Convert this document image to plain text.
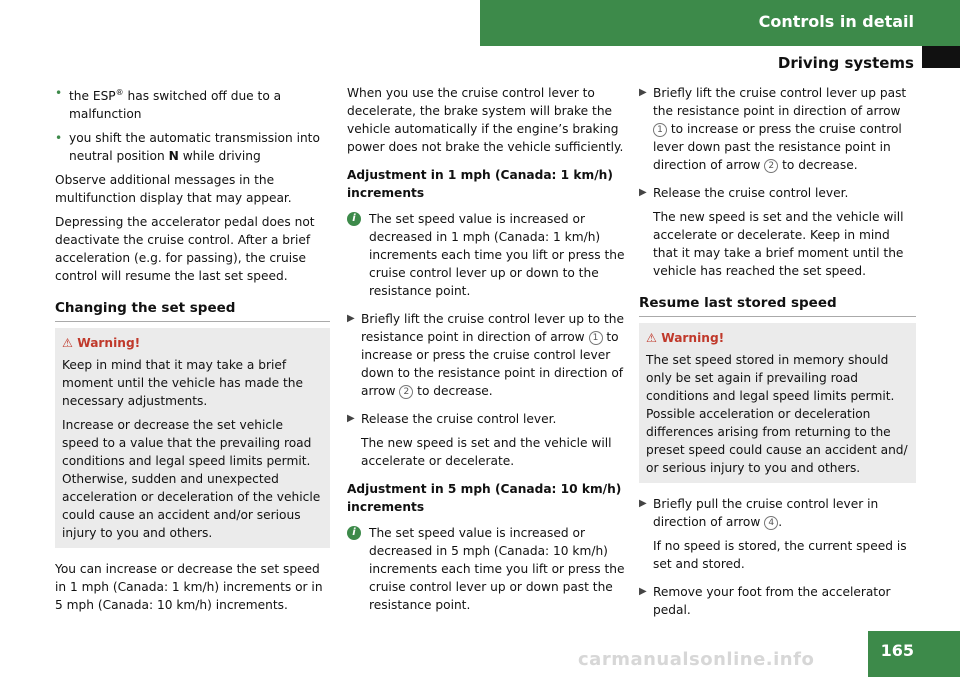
Controls in detail
Driving systems
• the ESP® has switched off due to a malfunction
• you shift the automatic transmission into neutral position N while driving

Observe additional messages in the multifunction display that may appear.

Depressing the accelerator pedal does not deactivate the cruise control. After a brief acceleration (e.g. for passing), the cruise control will resume the last set speed.

Changing the set speed
⚠ Warning!

Keep in mind that it may take a brief moment until the vehicle has made the necessary adjustments.

Increase or decrease the set vehicle speed to a value that the prevailing road conditions and legal speed limits permit. Otherwise, sudden and unexpected acceleration or deceleration of the vehicle could cause an accident and/or serious injury to you and others.

You can increase or decrease the set speed in 1 mph (Canada: 1 km/h) increments or in 5 mph (Canada: 10 km/h) increments.

When you use the cruise control lever to decelerate, the brake system will brake the vehicle automatically if the engine’s braking power does not brake the vehicle sufficiently.

Adjustment in 1 mph (Canada: 1 km/h) increments
i	The set speed value is increased or decreased in 1 mph (Canada: 1 km/h) increments each time you lift or press the cruise control lever up or down to the resistance point.
▶ Briefly lift the cruise control lever up to the resistance point in direction of arrow 1 to increase or press the cruise control lever down to the resistance point in direction of arrow 2 to decrease.
▶ Release the cruise control lever.
The new speed is set and the vehicle will accelerate or decelerate.
Adjustment in 5 mph (Canada: 10 km/h) increments
i	The set speed value is increased or decreased in 5 mph (Canada: 10 km/h) increments each time you lift or press the cruise control lever up or down past the resistance point.
▶ Briefly lift the cruise control lever up past the resistance point in direction of arrow 1 to increase or press the cruise control lever down past the resistance point in direction of arrow 2 to decrease.
▶ Release the cruise control lever.
The new speed is set and the vehicle will accelerate or decelerate. Keep in mind that it may take a brief moment until the vehicle has reached the set speed.
Resume last stored speed
⚠ Warning!

The set speed stored in memory should only be set again if prevailing road conditions and legal speed limits permit. Possible acceleration or deceleration differences arising from returning to the preset speed could cause an accident and/ or serious injury to you and others.

▶ Briefly pull the cruise control lever in direction of arrow 4 .
If no speed is stored, the current speed is set and stored.
▶ Remove your foot from the accelerator pedal.
carmanualsonline.info	165
